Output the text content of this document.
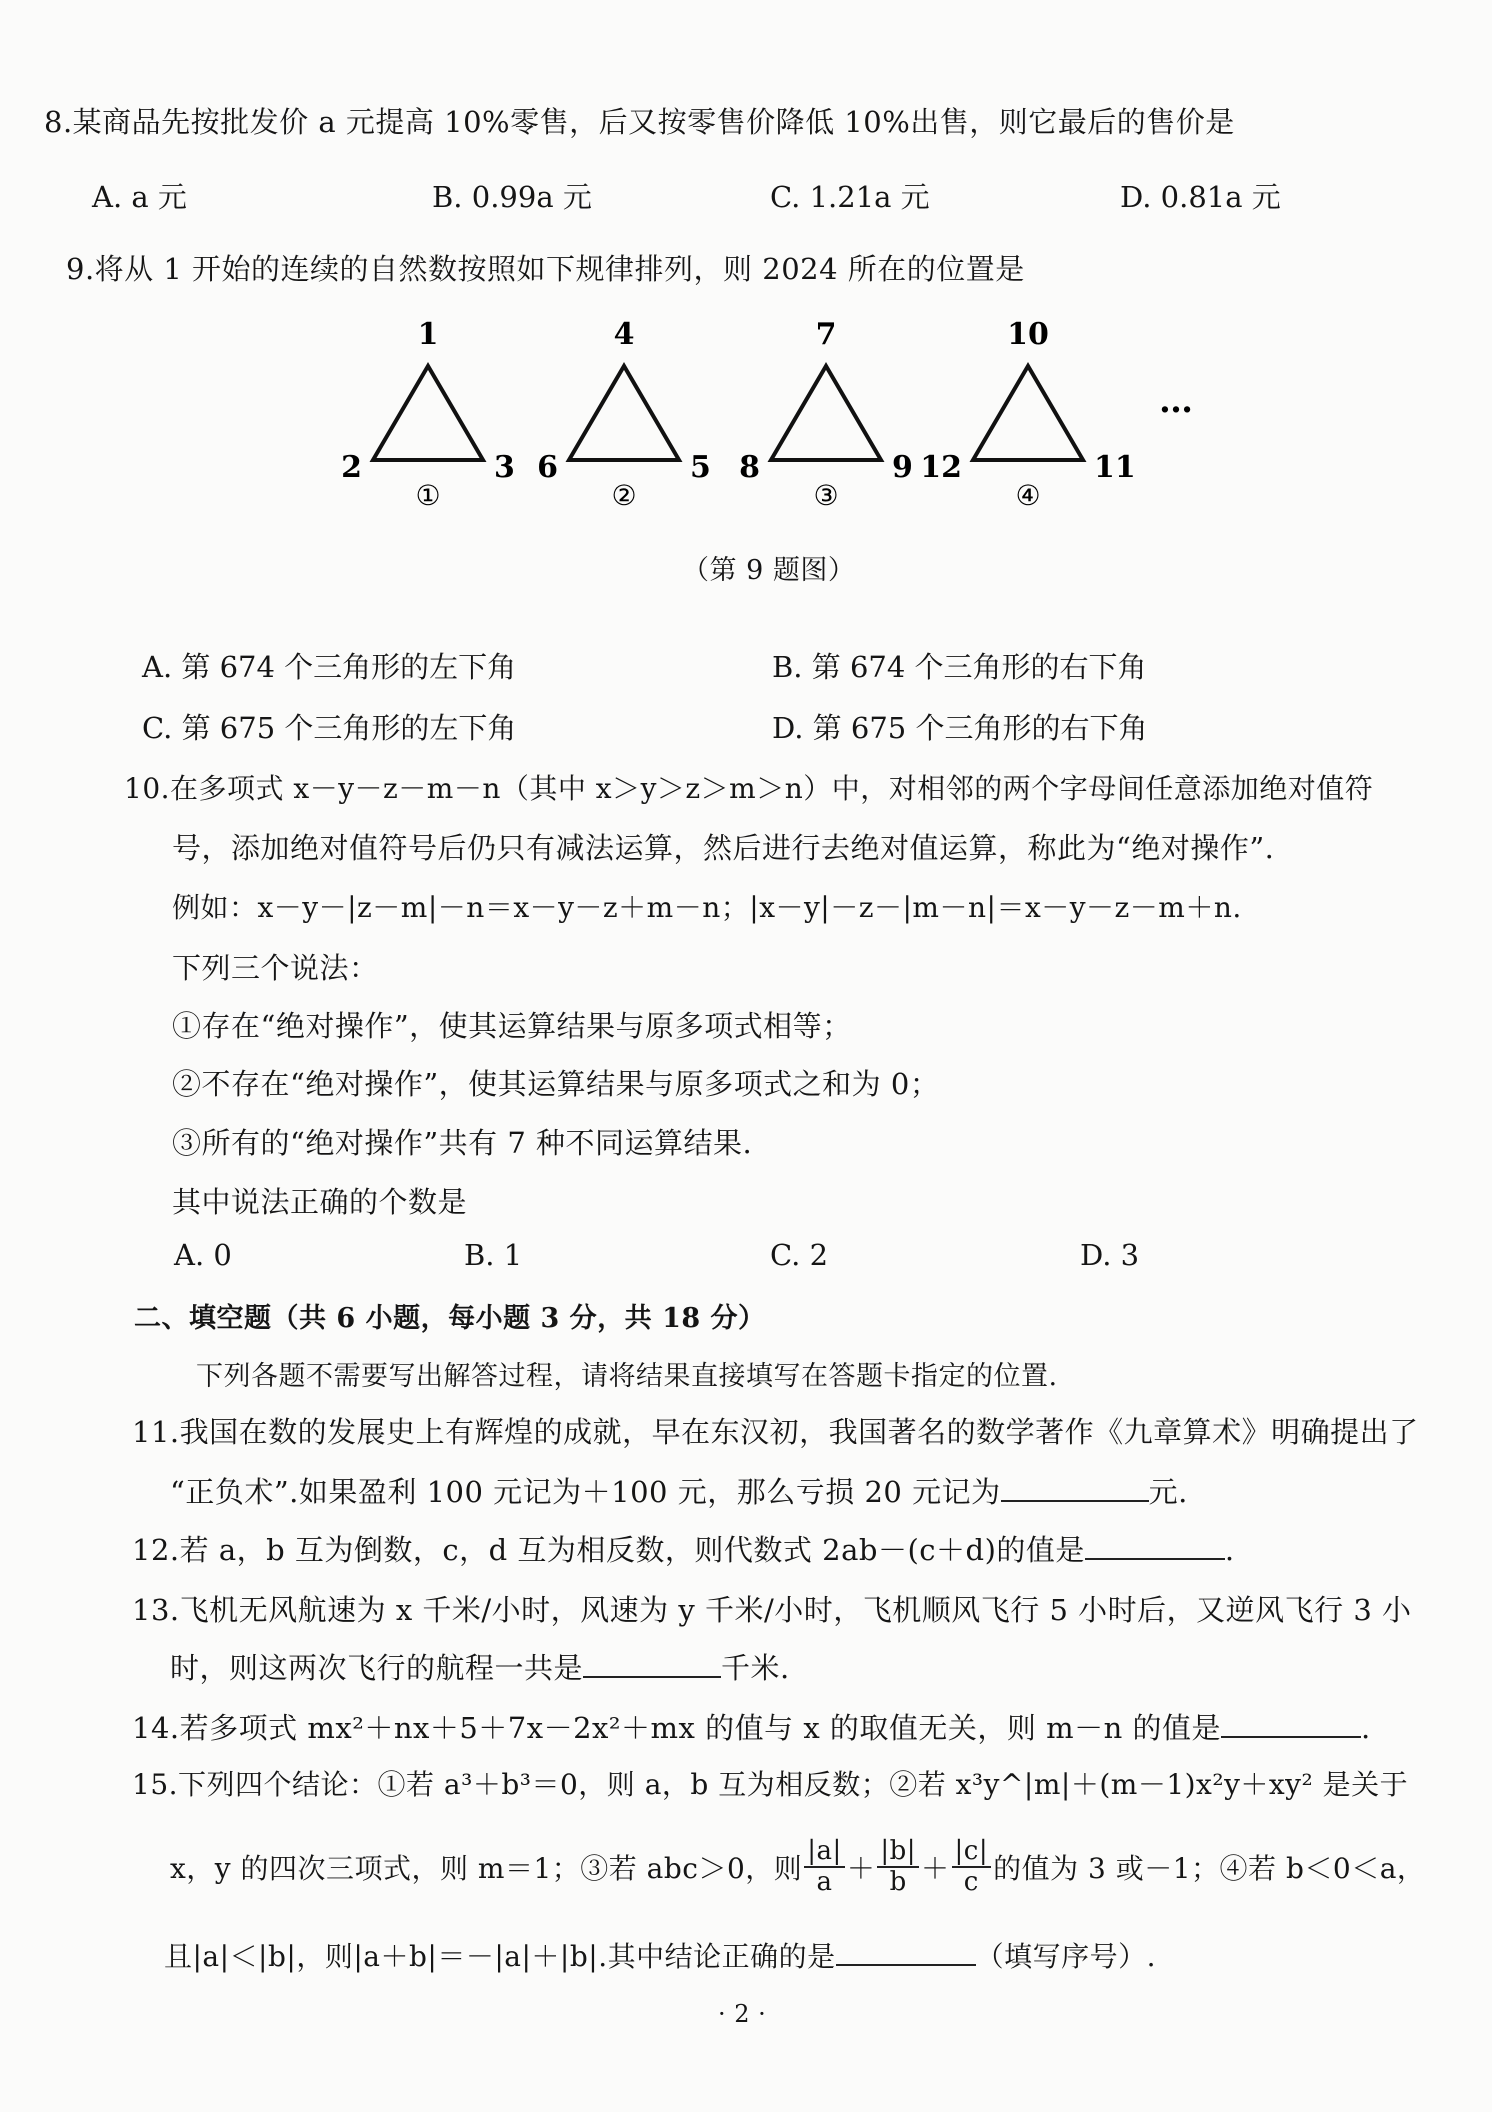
8.某商品先按批发价 a 元提高 10%零售，后又按零售价降低 10%出售，则它最后的售价是
A. a 元	B. 0.99a 元	C. 1.21a 元	D. 0.81a 元
9.将从 1 开始的连续的自然数按照如下规律排列，则 2024 所在的位置是
1
2	3
①
4
6	5
②
7
8	9
③
10
12	11
④
…
（第 9 题图）
A. 第 674 个三角形的左下角	B. 第 674 个三角形的右下角
C. 第 675 个三角形的左下角	D. 第 675 个三角形的右下角
10.在多项式 x－y－z－m－n（其中 x＞y＞z＞m＞n）中，对相邻的两个字母间任意添加绝对值符
号，添加绝对值符号后仍只有减法运算，然后进行去绝对值运算，称此为“绝对操作”.
例如：x－y－|z－m|－n＝x－y－z＋m－n；|x－y|－z－|m－n|＝x－y－z－m＋n.
下列三个说法：
①存在“绝对操作”，使其运算结果与原多项式相等；
②不存在“绝对操作”，使其运算结果与原多项式之和为 0；
③所有的“绝对操作”共有 7 种不同运算结果.
其中说法正确的个数是
A. 0	B. 1	C. 2	D. 3
二、填空题（共 6 小题，每小题 3 分，共 18 分）
下列各题不需要写出解答过程，请将结果直接填写在答题卡指定的位置.
11.我国在数的发展史上有辉煌的成就，早在东汉初，我国著名的数学著作《九章算术》明确提出了
“正负术”.如果盈利 100 元记为＋100 元，那么亏损 20 元记为	元.
12.若 a，b 互为倒数，c，d 互为相反数，则代数式 2ab－(c＋d)的值是	.
13.飞机无风航速为 x 千米/小时，风速为 y 千米/小时，飞机顺风飞行 5 小时后，又逆风飞行 3 小
时，则这两次飞行的航程一共是	千米.
14.若多项式 mx²＋nx＋5＋7x－2x²＋mx 的值与 x 的取值无关，则 m－n 的值是	.
15.下列四个结论：①若 a³＋b³＝0，则 a，b 互为相反数；②若 x³y^|m|＋(m－1)x²y＋xy² 是关于
x，y 的四次三项式，则 m＝1；③若 abc＞0，则 $\frac{|a|}{a} + \frac{|b|}{b} + \frac{|c|}{c}$ 的值为 3 或－1；④若 b＜0＜a，
且|a|＜|b|，则|a＋b|＝－|a|＋|b|.其中结论正确的是	（填写序号）.
· 2 ·
